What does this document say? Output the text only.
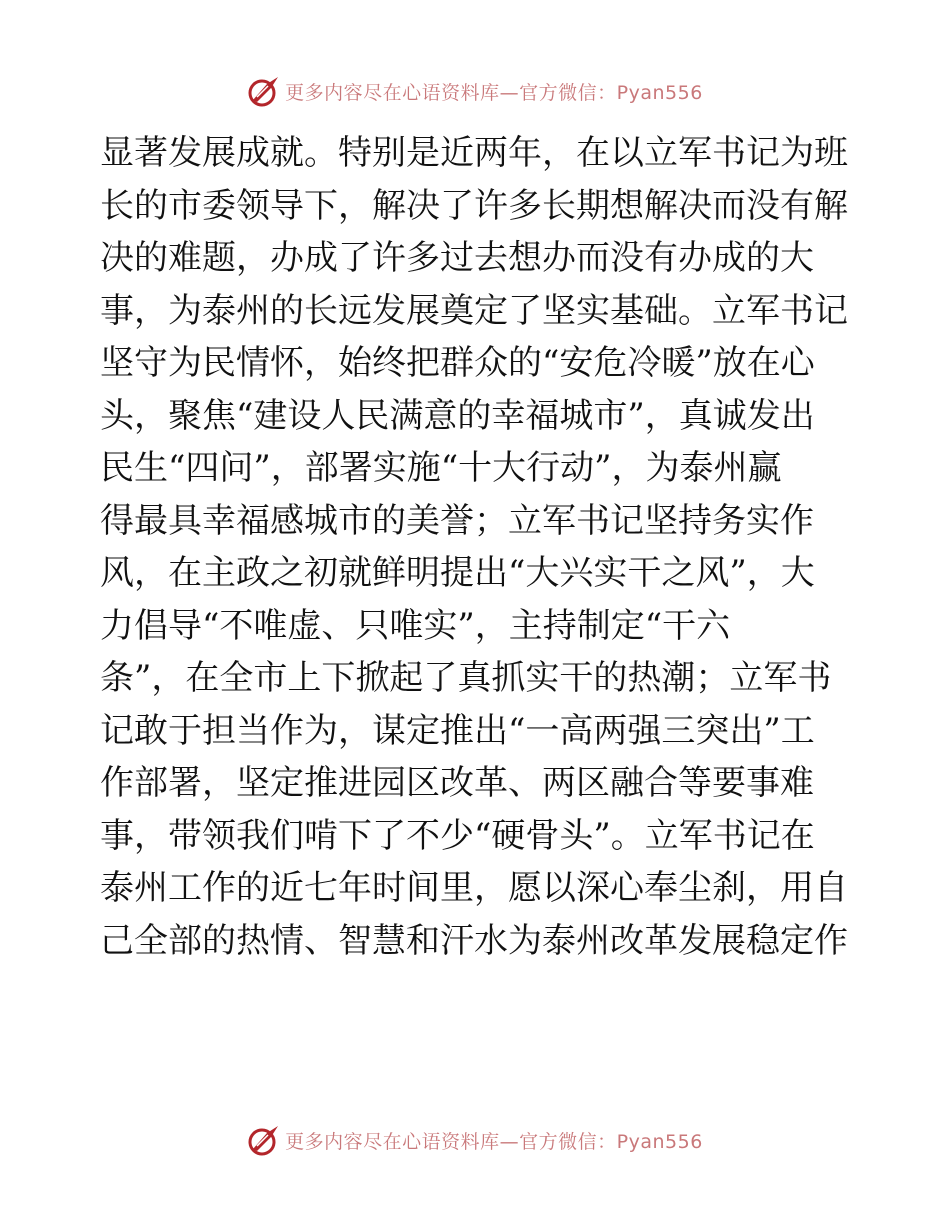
更多内容尽在心语资料库—官方微信：Pyan556
显著发展成就。特别是近两年，在以立军书记为班
长的市委领导下，解决了许多长期想解决而没有解
决的难题，办成了许多过去想办而没有办成的大
事，为泰州的长远发展奠定了坚实基础。立军书记
坚守为民情怀，始终把群众的“安危冷暖”放在心
头，聚焦“建设人民满意的幸福城市”，真诚发出
民生“四问”，部署实施“十大行动”，为泰州赢
得最具幸福感城市的美誉；立军书记坚持务实作
风，在主政之初就鲜明提出“大兴实干之风”，大
力倡导“不唯虚、只唯实”，主持制定“干六
条”，在全市上下掀起了真抓实干的热潮；立军书
记敢于担当作为，谋定推出“一高两强三突出”工
作部署，坚定推进园区改革、两区融合等要事难
事，带领我们啃下了不少“硬骨头”。立军书记在
泰州工作的近七年时间里，愿以深心奉尘刹，用自
己全部的热情、智慧和汗水为泰州改革发展稳定作
更多内容尽在心语资料库—官方微信：Pyan556
